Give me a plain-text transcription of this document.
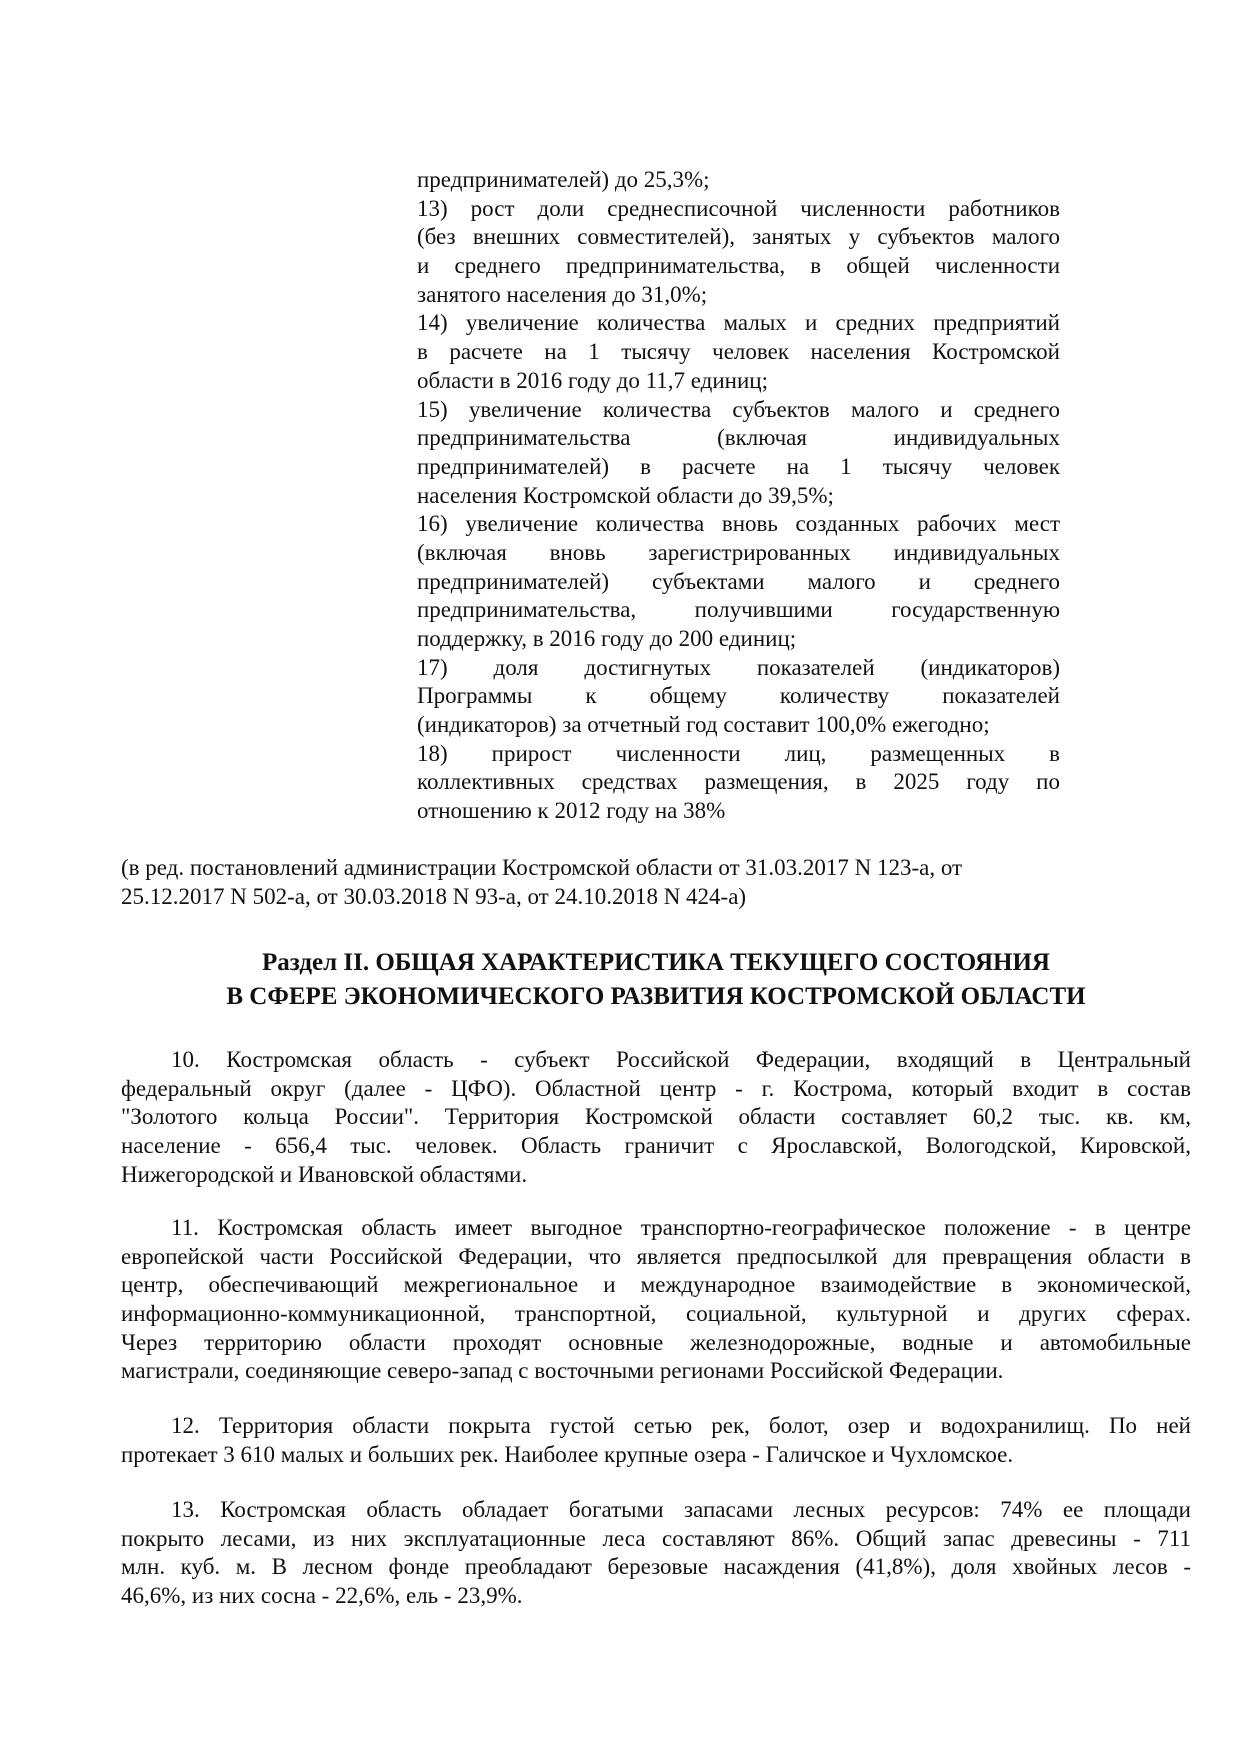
предпринимателей) до 25,3%;
13) рост доли среднесписочной численности работников
(без внешних совместителей), занятых у субъектов малого
и среднего предпринимательства, в общей численности
занятого населения до 31,0%;
14) увеличение количества малых и средних предприятий
в расчете на 1 тысячу человек населения Костромской
области в 2016 году до 11,7 единиц;
15) увеличение количества субъектов малого и среднего
предпринимательства (включая индивидуальных
предпринимателей) в расчете на 1 тысячу человек
населения Костромской области до 39,5%;
16) увеличение количества вновь созданных рабочих мест
(включая вновь зарегистрированных индивидуальных
предпринимателей) субъектами малого и среднего
предпринимательства, получившими государственную
поддержку, в 2016 году до 200 единиц;
17) доля достигнутых показателей (индикаторов)
Программы к общему количеству показателей
(индикаторов) за отчетный год составит 100,0% ежегодно;
18) прирост численности лиц, размещенных в
коллективных средствах размещения, в 2025 году по
отношению к 2012 году на 38%
(в ред. постановлений администрации Костромской области от 31.03.2017 N 123-а, от
25.12.2017 N 502-а, от 30.03.2018 N 93-а, от 24.10.2018 N 424-а)
Раздел II. ОБЩАЯ ХАРАКТЕРИСТИКА ТЕКУЩЕГО СОСТОЯНИЯ
В СФЕРЕ ЭКОНОМИЧЕСКОГО РАЗВИТИЯ КОСТРОМСКОЙ ОБЛАСТИ
10. Костромская область - субъект Российской Федерации, входящий в Центральный
федеральный округ (далее - ЦФО). Областной центр - г. Кострома, который входит в состав
"Золотого кольца России". Территория Костромской области составляет 60,2 тыс. кв. км,
население - 656,4 тыс. человек. Область граничит с Ярославской, Вологодской, Кировской,
Нижегородской и Ивановской областями.
11. Костромская область имеет выгодное транспортно-географическое положение - в центре
европейской части Российской Федерации, что является предпосылкой для превращения области в
центр, обеспечивающий межрегиональное и международное взаимодействие в экономической,
информационно-коммуникационной, транспортной, социальной, культурной и других сферах.
Через территорию области проходят основные железнодорожные, водные и автомобильные
магистрали, соединяющие северо-запад с восточными регионами Российской Федерации.
12. Территория области покрыта густой сетью рек, болот, озер и водохранилищ. По ней
протекает 3 610 малых и больших рек. Наиболее крупные озера - Галичское и Чухломское.
13. Костромская область обладает богатыми запасами лесных ресурсов: 74% ее площади
покрыто лесами, из них эксплуатационные леса составляют 86%. Общий запас древесины - 711
млн. куб. м. В лесном фонде преобладают березовые насаждения (41,8%), доля хвойных лесов -
46,6%, из них сосна - 22,6%, ель - 23,9%.
